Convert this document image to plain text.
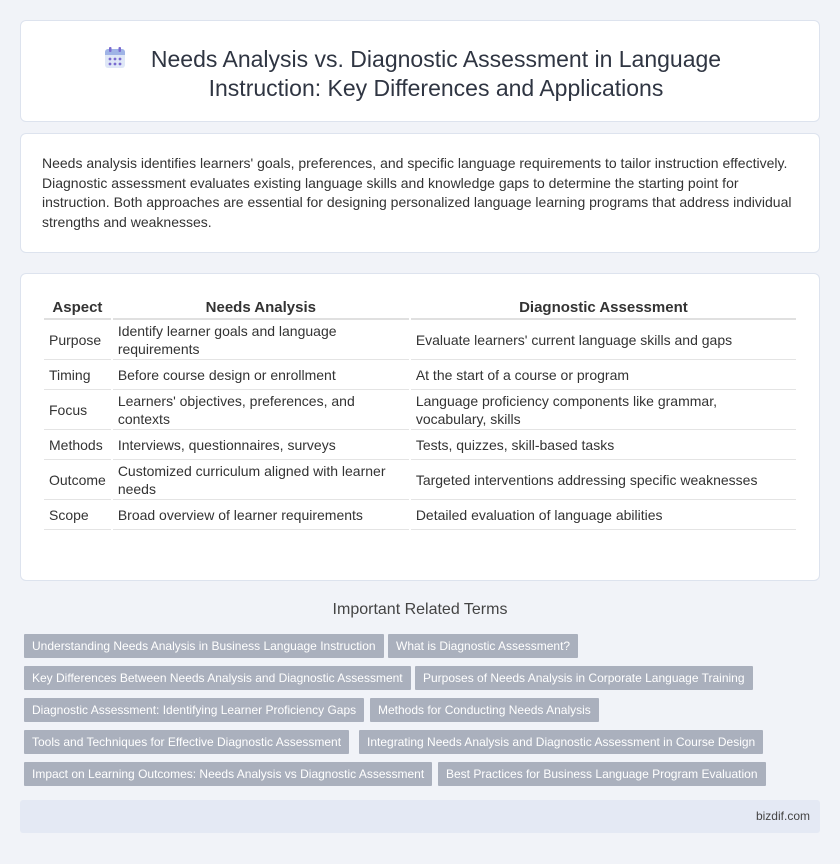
Needs Analysis vs. Diagnostic Assessment in Language Instruction: Key Differences and Applications

Needs analysis identifies learners' goals, preferences, and specific language requirements to tailor instruction effectively. Diagnostic assessment evaluates existing language skills and knowledge gaps to determine the starting point for instruction. Both approaches are essential for designing personalized language learning programs that address individual strengths and weaknesses.

Aspect	Needs Analysis	Diagnostic Assessment
Purpose	Identify learner goals and language requirements	Evaluate learners' current language skills and gaps
Timing	Before course design or enrollment	At the start of a course or program
Focus	Learners' objectives, preferences, and contexts	Language proficiency components like grammar, vocabulary, skills
Methods	Interviews, questionnaires, surveys	Tests, quizzes, skill-based tasks
Outcome	Customized curriculum aligned with learner needs	Targeted interventions addressing specific weaknesses
Scope	Broad overview of learner requirements	Detailed evaluation of language abilities
Important Related Terms
Understanding Needs Analysis in Business Language Instruction	What is Diagnostic Assessment?
Key Differences Between Needs Analysis and Diagnostic Assessment	Purposes of Needs Analysis in Corporate Language Training
Diagnostic Assessment: Identifying Learner Proficiency Gaps	Methods for Conducting Needs Analysis
Tools and Techniques for Effective Diagnostic Assessment	Integrating Needs Analysis and Diagnostic Assessment in Course Design
Impact on Learning Outcomes: Needs Analysis vs Diagnostic Assessment	Best Practices for Business Language Program Evaluation
bizdif.com
